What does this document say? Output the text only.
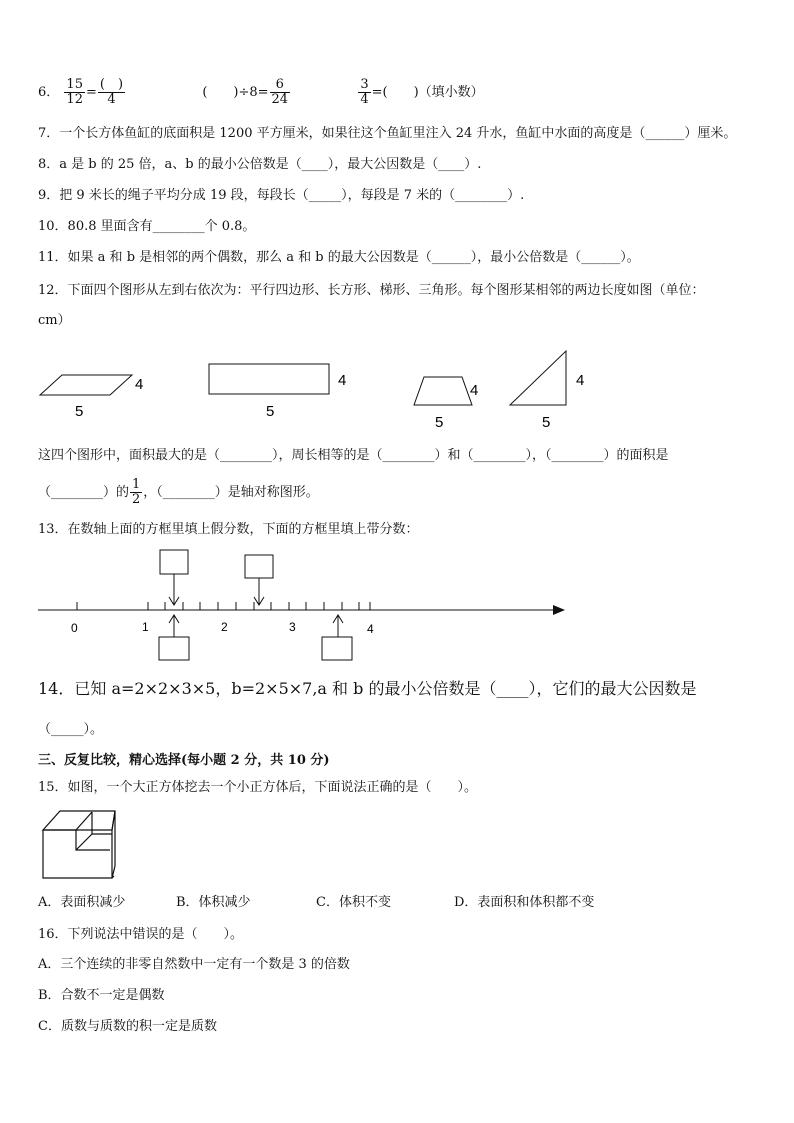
6． $\frac{15}{12} = \frac{( )}{4}$	(　　)$\div 8= \frac{6}{24}$
	$\frac{3}{4}$ =(　　)（填小数）
7．一个长方体鱼缸的底面积是 1200 平方厘米，如果往这个鱼缸里注入 24 升水，鱼缸中水面的高度是（______）厘米。
8．a 是 b 的 25 倍，a、b 的最小公倍数是（____），最大公因数是（____）.
9．把 9 米长的绳子平均分成 19 段，每段长（_____），每段是 7 米的（________）.
10．80.8 里面含有________个 0.8。
11．如果 a 和 b 是相邻的两个偶数，那么 a 和 b 的最大公因数是（______），最小公倍数是（______）。
12．下面四个图形从左到右依次为：平行四边形、长方形、梯形、三角形。每个图形某相邻的两边长度如图（单位：
cm）
4
5
4
5
4
5
4
5
这四个图形中，面积最大的是（________），周长相等的是（________）和（________），（________）的面积是
（________）的 $\frac{1}{2}$ ，（________）是轴对称图形。
13．在数轴上面的方框里填上假分数，下面的方框里填上带分数：
0	1	2	3	4
14．已知 a=2×2×3×5，b=2×5×7,a 和 b 的最小公倍数是（____），它们的最大公因数是
（_____）。
三、反复比较，精心选择(每小题 2 分，共 10 分)
15．如图，一个大正方体挖去一个小正方体后，下面说法正确的是（　　）。
A．表面积减少	B．体积减少	C．体积不变	D．表面积和体积都不变
16．下列说法中错误的是（　　）。
A．三个连续的非零自然数中一定有一个数是 3 的倍数
B．合数不一定是偶数
C．质数与质数的积一定是质数
